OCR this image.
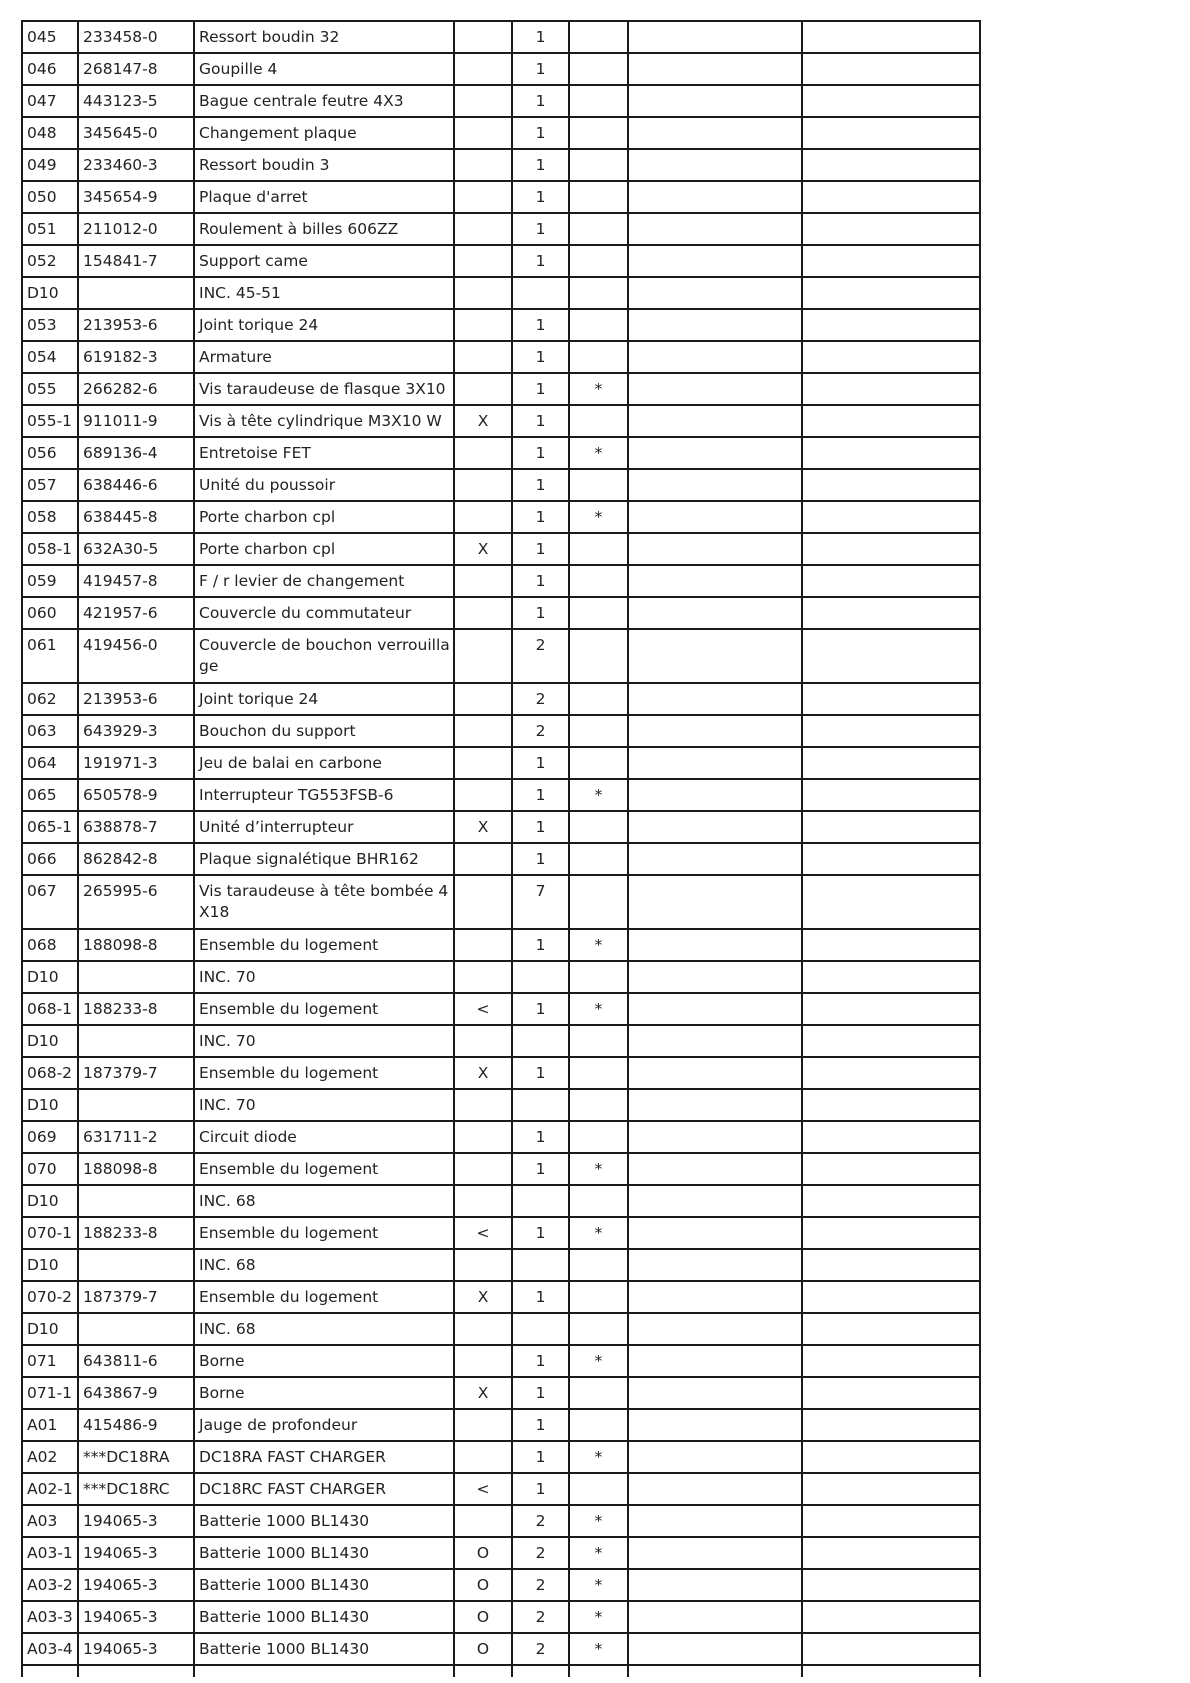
045	233458-0	Ressort boudin 32		1			
046	268147-8	Goupille 4		1			
047	443123-5	Bague centrale feutre 4X3		1			
048	345645-0	Changement plaque		1			
049	233460-3	Ressort boudin 3		1			
050	345654-9	Plaque d'arret		1			
051	211012-0	Roulement à billes 606ZZ		1			
052	154841-7	Support came		1			
D10		INC. 45-51					
053	213953-6	Joint torique 24		1			
054	619182-3	Armature		1			
055	266282-6	Vis taraudeuse de flasque 3X10		1	*		
055-1	911011-9	Vis à tête cylindrique M3X10 W	X	1			
056	689136-4	Entretoise FET		1	*		
057	638446-6	Unité du poussoir		1			
058	638445-8	Porte charbon cpl		1	*		
058-1	632A30-5	Porte charbon cpl	X	1			
059	419457-8	F / r levier de changement		1			
060	421957-6	Couvercle du commutateur		1			
061	419456-0	Couvercle de bouchon verrouillage		2			
062	213953-6	Joint torique 24		2			
063	643929-3	Bouchon du support		2			
064	191971-3	Jeu de balai en carbone		1			
065	650578-9	Interrupteur TG553FSB-6		1	*		
065-1	638878-7	Unité d’interrupteur	X	1			
066	862842-8	Plaque signalétique BHR162		1			
067	265995-6	Vis taraudeuse à tête bombée 4X18		7			
068	188098-8	Ensemble du logement		1	*		
D10		INC. 70					
068-1	188233-8	Ensemble du logement	<	1	*		
D10		INC. 70					
068-2	187379-7	Ensemble du logement	X	1			
D10		INC. 70					
069	631711-2	Circuit diode		1			
070	188098-8	Ensemble du logement		1	*		
D10		INC. 68					
070-1	188233-8	Ensemble du logement	<	1	*		
D10		INC. 68					
070-2	187379-7	Ensemble du logement	X	1			
D10		INC. 68					
071	643811-6	Borne		1	*		
071-1	643867-9	Borne	X	1			
A01	415486-9	Jauge de profondeur		1			
A02	***DC18RA	DC18RA FAST CHARGER		1	*		
A02-1	***DC18RC	DC18RC FAST CHARGER	<	1			
A03	194065-3	Batterie 1000 BL1430		2	*		
A03-1	194065-3	Batterie 1000 BL1430	O	2	*		
A03-2	194065-3	Batterie 1000 BL1430	O	2	*		
A03-3	194065-3	Batterie 1000 BL1430	O	2	*		
A03-4	194065-3	Batterie 1000 BL1430	O	2	*		
